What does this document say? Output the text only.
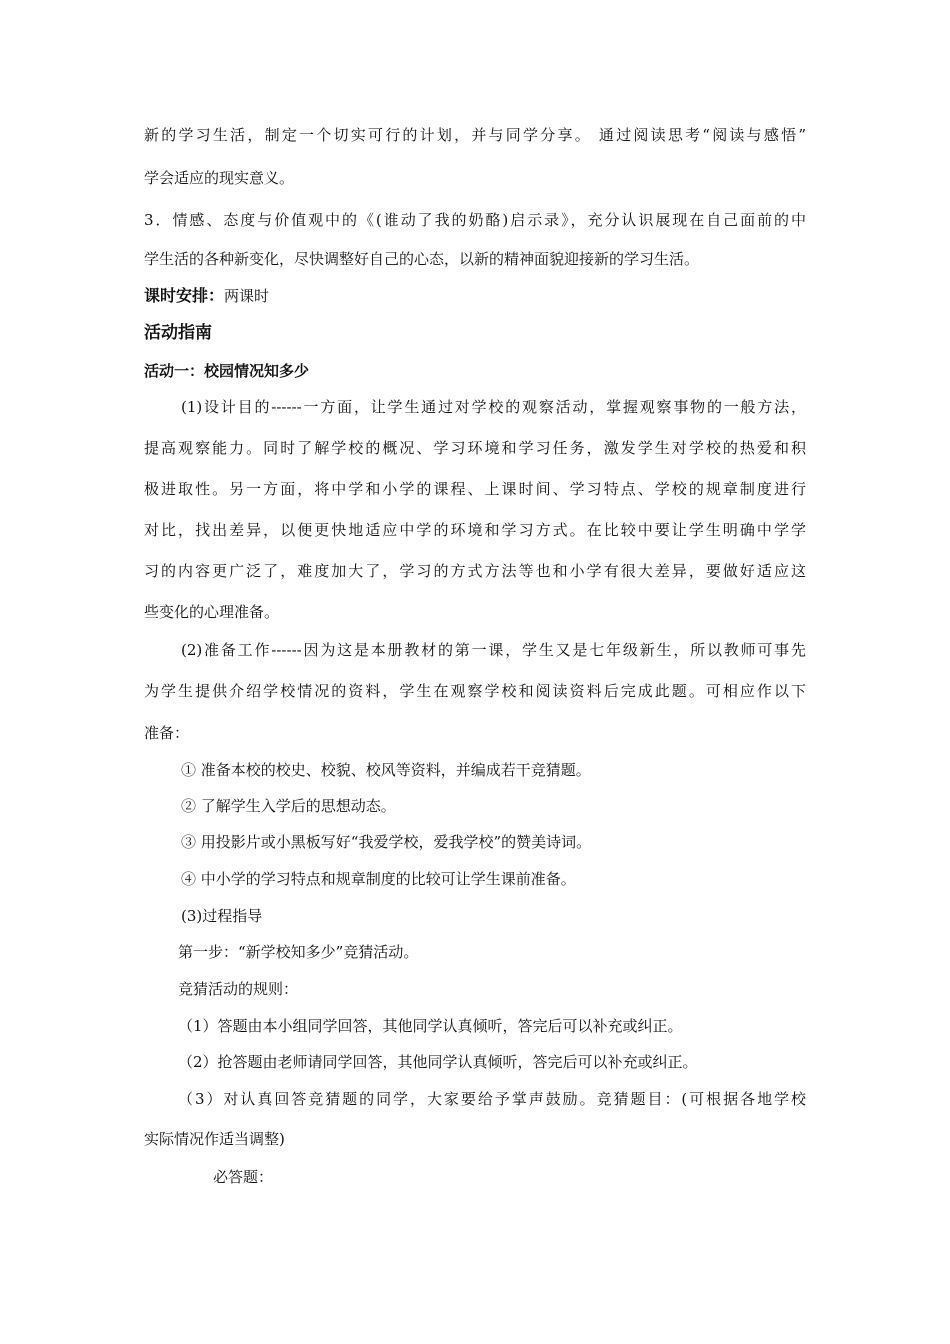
新的学习生活，制定一个切实可行的计划，并与同学分享。 通过阅读思考“阅读与感悟”
学会适应的现实意义。
3．情感、态度与价值观中的《(谁动了我的奶酪)启示录》，充分认识展现在自己面前的中
学生活的各种新变化，尽快调整好自己的心态，以新的精神面貌迎接新的学习生活。
课时安排：两课时
活动指南
活动一：校园情况知多少
(1)设计目的------一方面，让学生通过对学校的观察活动，掌握观察事物的一般方法，
提高观察能力。同时了解学校的概况、学习环境和学习任务，激发学生对学校的热爱和积
极进取性。另一方面，将中学和小学的课程、上课时间、学习特点、学校的规章制度进行
对比，找出差异，以便更快地适应中学的环境和学习方式。在比较中要让学生明确中学学
习的内容更广泛了，难度加大了，学习的方式方法等也和小学有很大差异，要做好适应这
些变化的心理准备。
(2)准备工作------因为这是本册教材的第一课，学生又是七年级新生，所以教师可事先
为学生提供介绍学校情况的资料，学生在观察学校和阅读资料后完成此题。可相应作以下
准备：
① 准备本校的校史、校貌、校风等资料，并编成若干竞猜题。
② 了解学生入学后的思想动态。
③ 用投影片或小黑板写好“我爱学校，爱我学校”的赞美诗词。
④ 中小学的学习特点和规章制度的比较可让学生课前准备。
(3)过程指导
第一步：“新学校知多少”竞猜活动。
竞猜活动的规则：
（1）答题由本小组同学回答，其他同学认真倾听，答完后可以补充或纠正。
（2）抢答题由老师请同学回答，其他同学认真倾听，答完后可以补充或纠正。
（3）对认真回答竞猜题的同学，大家要给予掌声鼓励。竞猜题目：(可根据各地学校
实际情况作适当调整)
必答题：
